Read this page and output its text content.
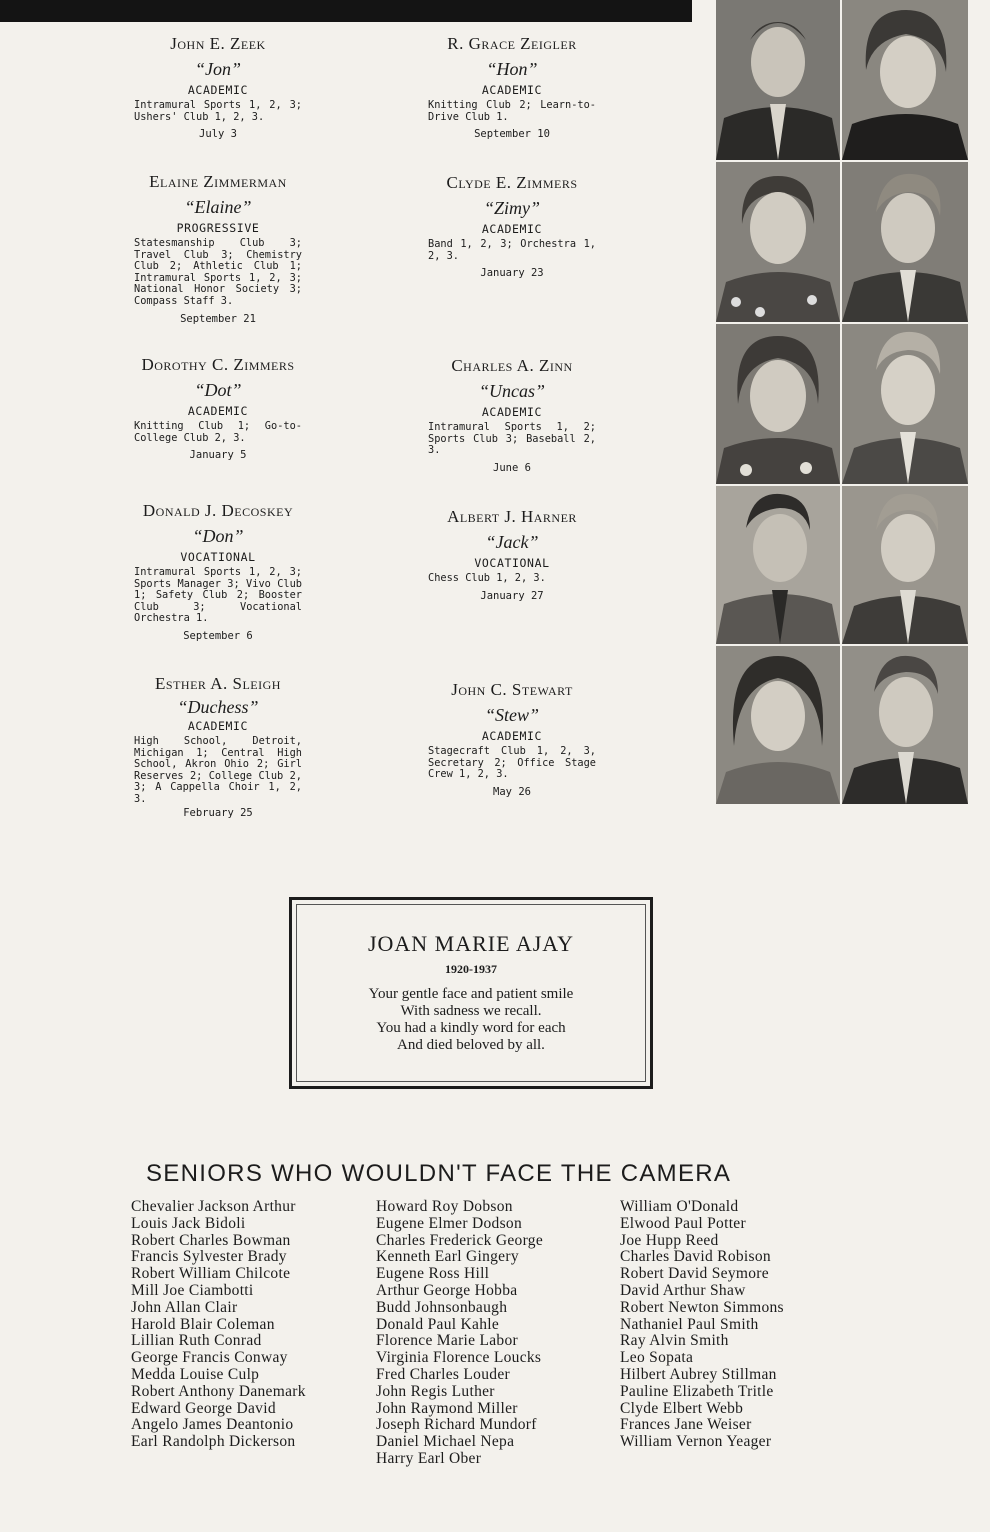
John E. Zeek
“Jon”
ACADEMIC
Intramural Sports 1, 2, 3; Ushers' Club 1, 2, 3.
July 3
R. Grace Zeigler
“Hon”
ACADEMIC
Knitting Club 2; Learn-to-Drive Club 1.
September 10
Elaine Zimmerman
“Elaine”
PROGRESSIVE
Statesmanship Club 3; Travel Club 3; Chemistry Club 2; Athletic Club 1; Intramural Sports 1, 2, 3; National Honor Society 3; Compass Staff 3.
September 21
Clyde E. Zimmers
“Zimy”
ACADEMIC
Band 1, 2, 3; Orchestra 1, 2, 3.
January 23
Dorothy C. Zimmers
“Dot”
ACADEMIC
Knitting Club 1; Go-to-College Club 2, 3.
January 5
Charles A. Zinn
“Uncas”
ACADEMIC
Intramural Sports 1, 2; Sports Club 3; Baseball 2, 3.
June 6
Donald J. Decoskey
“Don”
VOCATIONAL
Intramural Sports 1, 2, 3; Sports Manager 3; Vivo Club 1; Safety Club 2; Booster Club 3; Vocational Orchestra 1.
September 6
Albert J. Harner
“Jack”
VOCATIONAL
Chess Club 1, 2, 3.
January 27
Esther A. Sleigh
“Duchess”
ACADEMIC
High School, Detroit, Michigan 1; Central High School, Akron Ohio 2; Girl Reserves 2; College Club 2, 3; A Cappella Choir 1, 2, 3.
February 25
John C. Stewart
“Stew”
ACADEMIC
Stagecraft Club 1, 2, 3, Secretary 2; Office Stage Crew 1, 2, 3.
May 26
JOAN MARIE AJAY
1920-1937
Your gentle face and patient smile
With sadness we recall.
You had a kindly word for each
And died beloved by all.
SENIORS WHO WOULDN'T FACE THE CAMERA
Chevalier Jackson Arthur
Louis Jack Bidoli
Robert Charles Bowman
Francis Sylvester Brady
Robert William Chilcote
Mill Joe Ciambotti
John Allan Clair
Harold Blair Coleman
Lillian Ruth Conrad
George Francis Conway
Medda Louise Culp
Robert Anthony Danemark
Edward George David
Angelo James Deantonio
Earl Randolph Dickerson
Howard Roy Dobson
Eugene Elmer Dodson
Charles Frederick George
Kenneth Earl Gingery
Eugene Ross Hill
Arthur George Hobba
Budd Johnsonbaugh
Donald Paul Kahle
Florence Marie Labor
Virginia Florence Loucks
Fred Charles Louder
John Regis Luther
John Raymond Miller
Joseph Richard Mundorf
Daniel Michael Nepa
Harry Earl Ober
William O'Donald
Elwood Paul Potter
Joe Hupp Reed
Charles David Robison
Robert David Seymore
David Arthur Shaw
Robert Newton Simmons
Nathaniel Paul Smith
Ray Alvin Smith
Leo Sopata
Hilbert Aubrey Stillman
Pauline Elizabeth Tritle
Clyde Elbert Webb
Frances Jane Weiser
William Vernon Yeager
